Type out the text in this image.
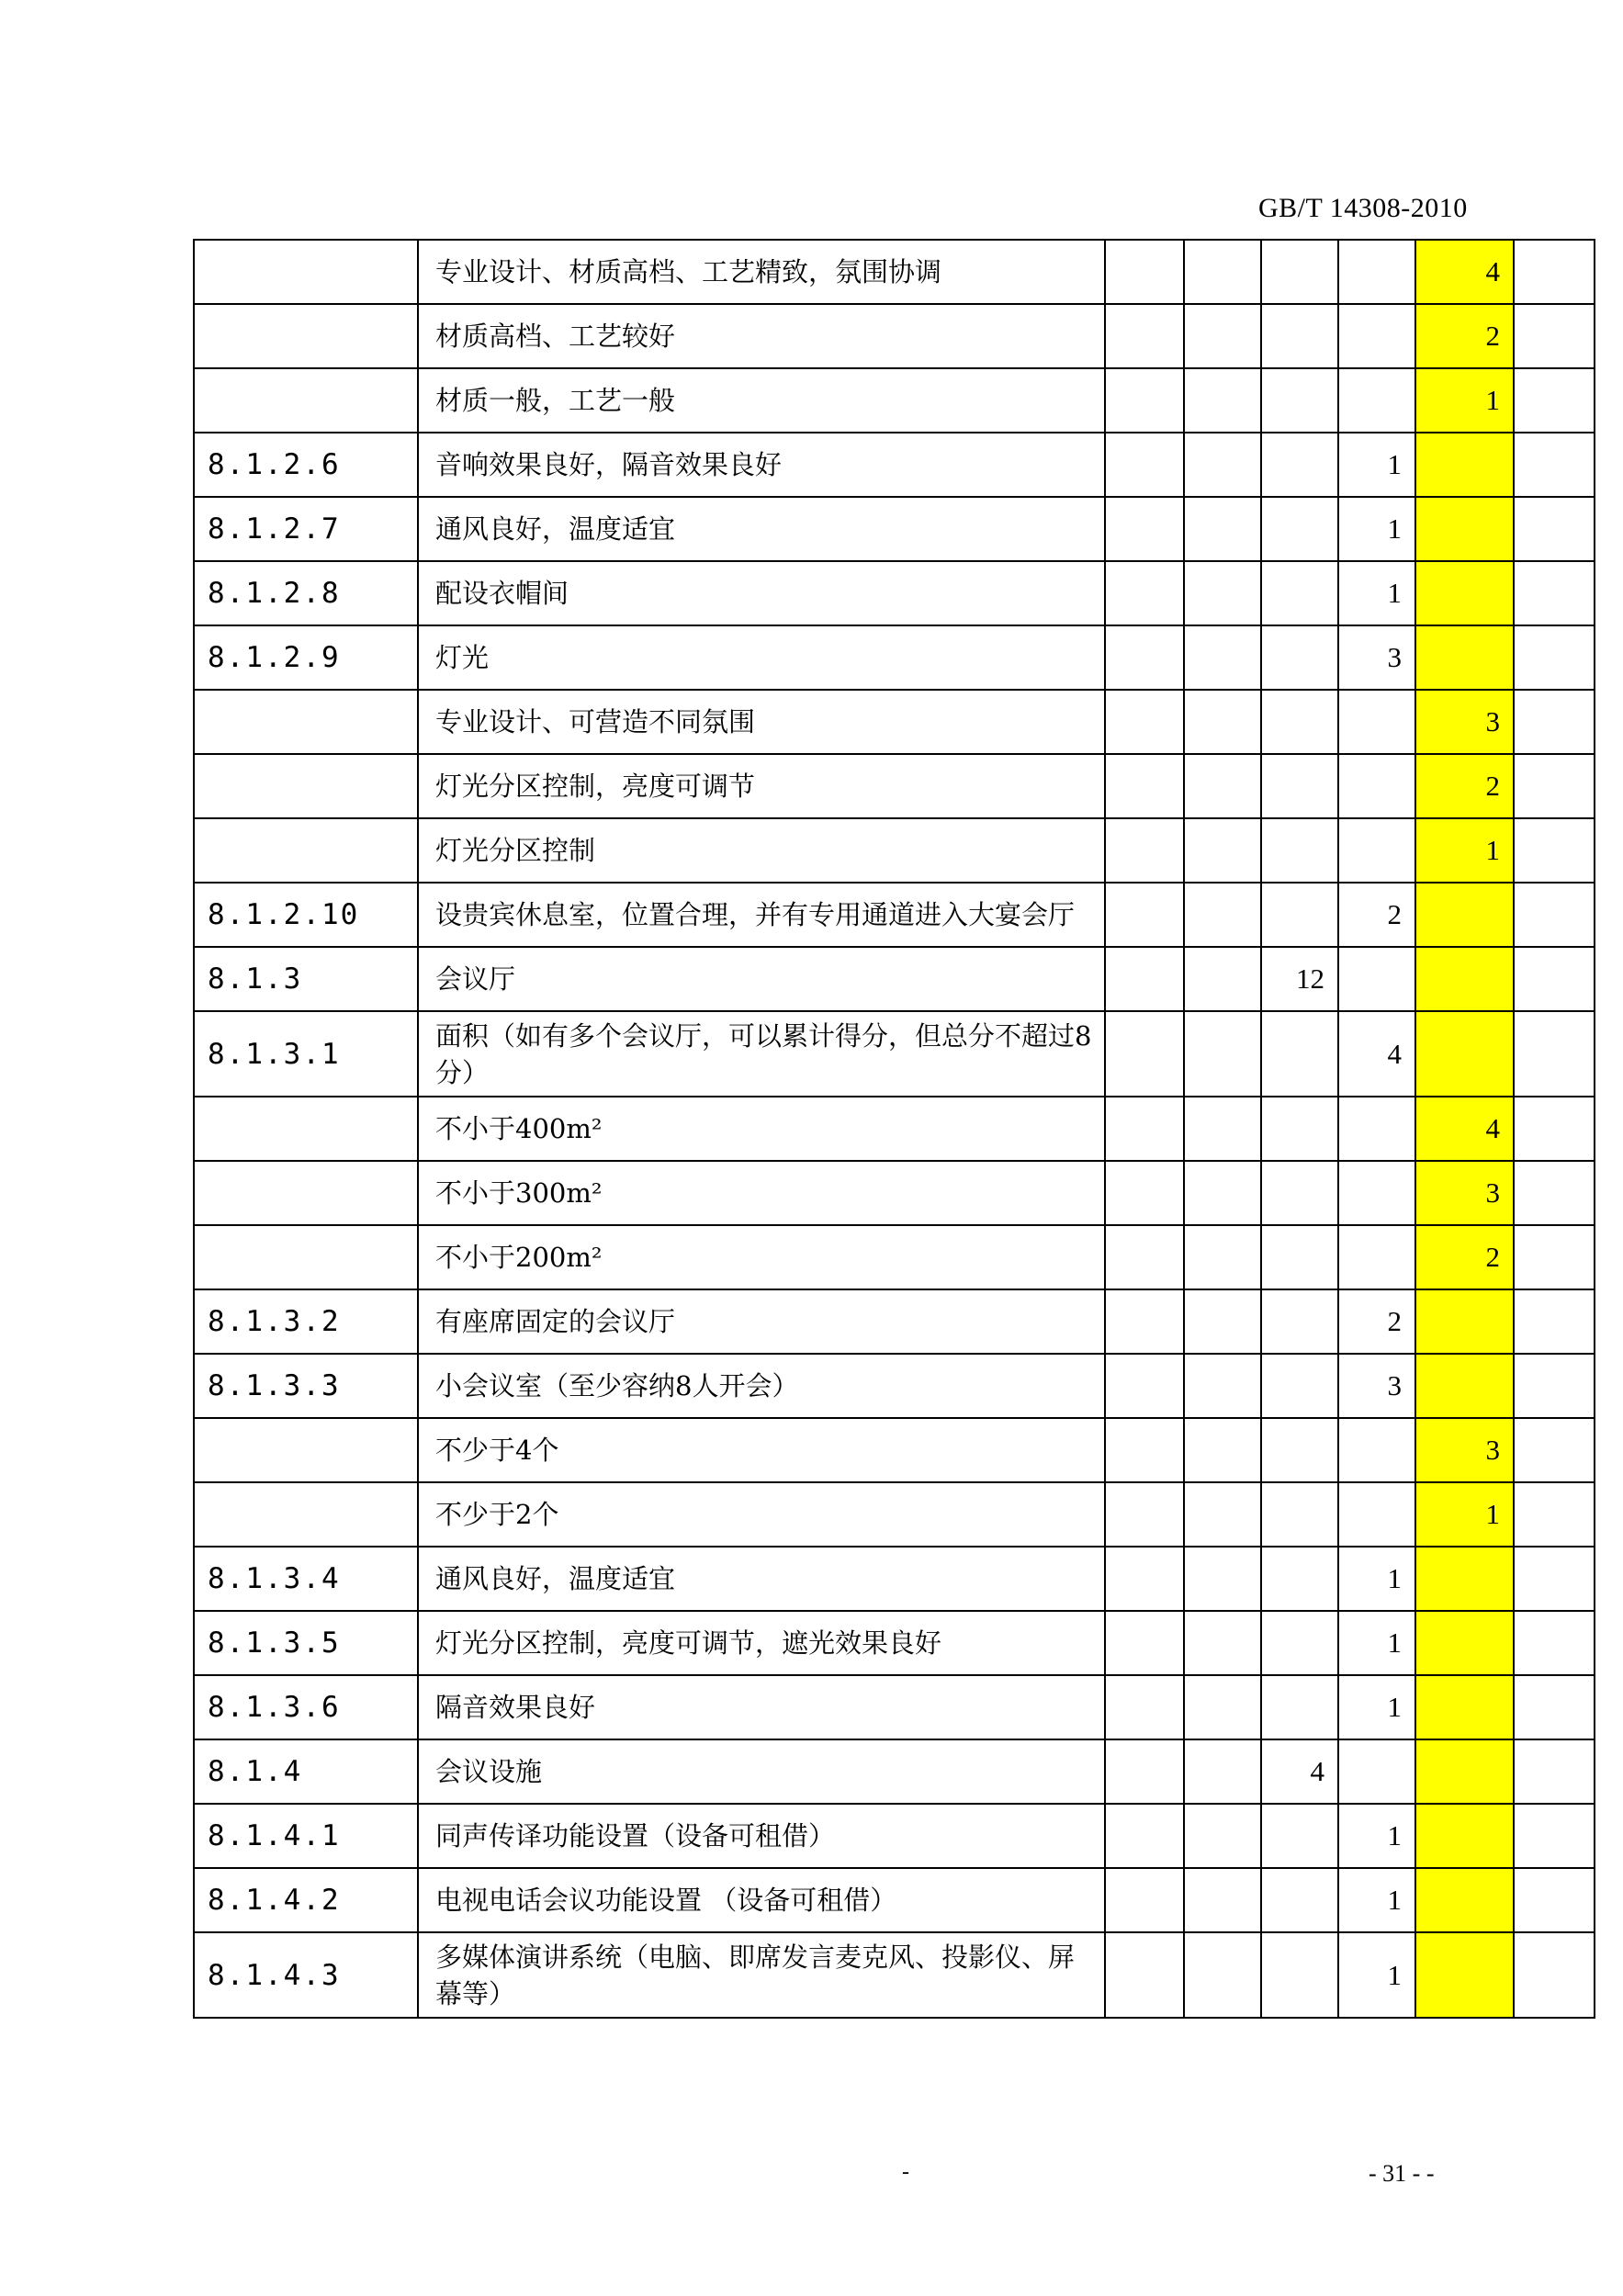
GB/T 14308-2010
	专业设计、材质高档、工艺精致，氛围协调					4	
	材质高档、工艺较好					2	
	材质一般，工艺一般					1	
8.1.2.6	音响效果良好，隔音效果良好				1		
8.1.2.7	通风良好，温度适宜				1		
8.1.2.8	配设衣帽间				1		
8.1.2.9	灯光				3		
	专业设计、可营造不同氛围					3	
	灯光分区控制，亮度可调节					2	
	灯光分区控制					1	
8.1.2.10	设贵宾休息室，位置合理，并有专用通道进入大宴会厅				2		
8.1.3	会议厅			12			
8.1.3.1	面积（如有多个会议厅，可以累计得分，但总分不超过8分）				4		
	不小于400m²					4	
	不小于300m²					3	
	不小于200m²					2	
8.1.3.2	有座席固定的会议厅				2		
8.1.3.3	小会议室（至少容纳8人开会）				3		
	不少于4个					3	
	不少于2个					1	
8.1.3.4	通风良好，温度适宜				1		
8.1.3.5	灯光分区控制，亮度可调节，遮光效果良好				1		
8.1.3.6	隔音效果良好				1		
8.1.4	会议设施			4			
8.1.4.1	同声传译功能设置（设备可租借）				1		
8.1.4.2	电视电话会议功能设置 （设备可租借）				1		
8.1.4.3	多媒体演讲系统（电脑、即席发言麦克风、投影仪、屏幕等）				1		
-	- 31 - -
